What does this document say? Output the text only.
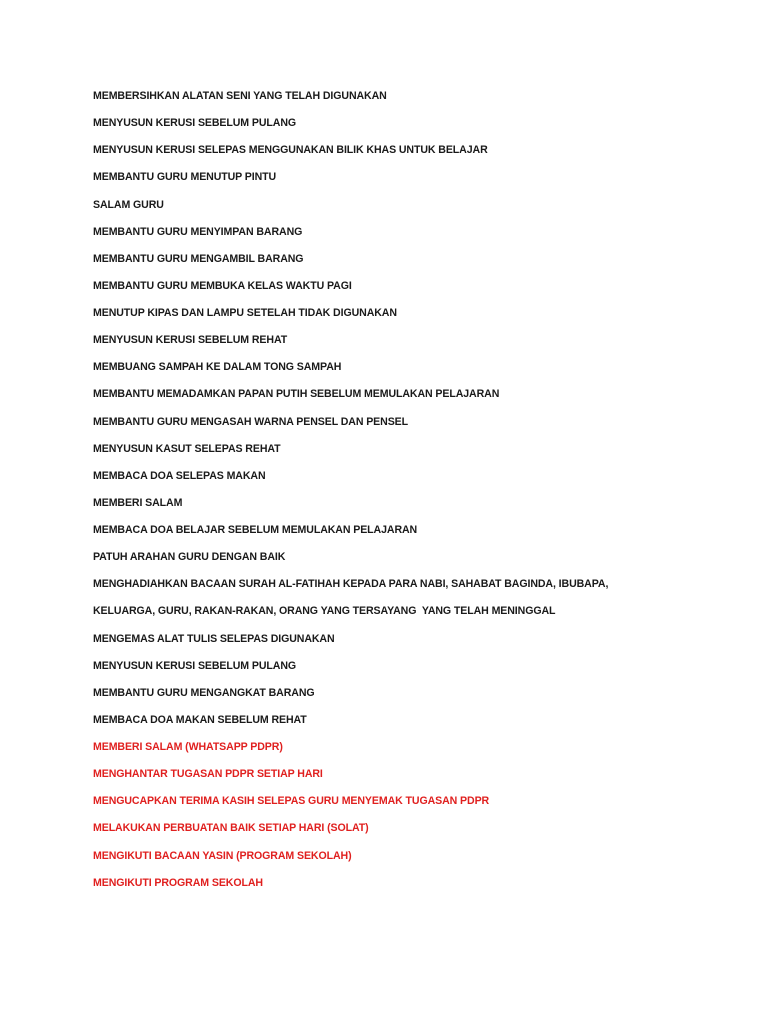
MEMBERSIHKAN ALATAN SENI YANG TELAH DIGUNAKAN
MENYUSUN KERUSI SEBELUM PULANG
MENYUSUN KERUSI SELEPAS MENGGUNAKAN BILIK KHAS UNTUK BELAJAR
MEMBANTU GURU MENUTUP PINTU
SALAM GURU
MEMBANTU GURU MENYIMPAN BARANG
MEMBANTU GURU MENGAMBIL BARANG
MEMBANTU GURU MEMBUKA KELAS WAKTU PAGI
MENUTUP KIPAS DAN LAMPU SETELAH TIDAK DIGUNAKAN
MENYUSUN KERUSI SEBELUM REHAT
MEMBUANG SAMPAH KE DALAM TONG SAMPAH
MEMBANTU MEMADAMKAN PAPAN PUTIH SEBELUM MEMULAKAN PELAJARAN
MEMBANTU GURU MENGASAH WARNA PENSEL DAN PENSEL
MENYUSUN KASUT SELEPAS REHAT
MEMBACA DOA SELEPAS MAKAN
MEMBERI SALAM
MEMBACA DOA BELAJAR SEBELUM MEMULAKAN PELAJARAN
PATUH ARAHAN GURU DENGAN BAIK
MENGHADIAHKAN BACAAN SURAH AL-FATIHAH KEPADA PARA NABI, SAHABAT BAGINDA, IBUBAPA,
KELUARGA, GURU, RAKAN-RAKAN, ORANG YANG TERSAYANG  YANG TELAH MENINGGAL
MENGEMAS ALAT TULIS SELEPAS DIGUNAKAN
MENYUSUN KERUSI SEBELUM PULANG
MEMBANTU GURU MENGANGKAT BARANG
MEMBACA DOA MAKAN SEBELUM REHAT
MEMBERI SALAM (WHATSAPP PDPR)
MENGHANTAR TUGASAN PDPR SETIAP HARI
MENGUCAPKAN TERIMA KASIH SELEPAS GURU MENYEMAK TUGASAN PDPR
MELAKUKAN PERBUATAN BAIK SETIAP HARI (SOLAT)
MENGIKUTI BACAAN YASIN (PROGRAM SEKOLAH)
MENGIKUTI PROGRAM SEKOLAH
